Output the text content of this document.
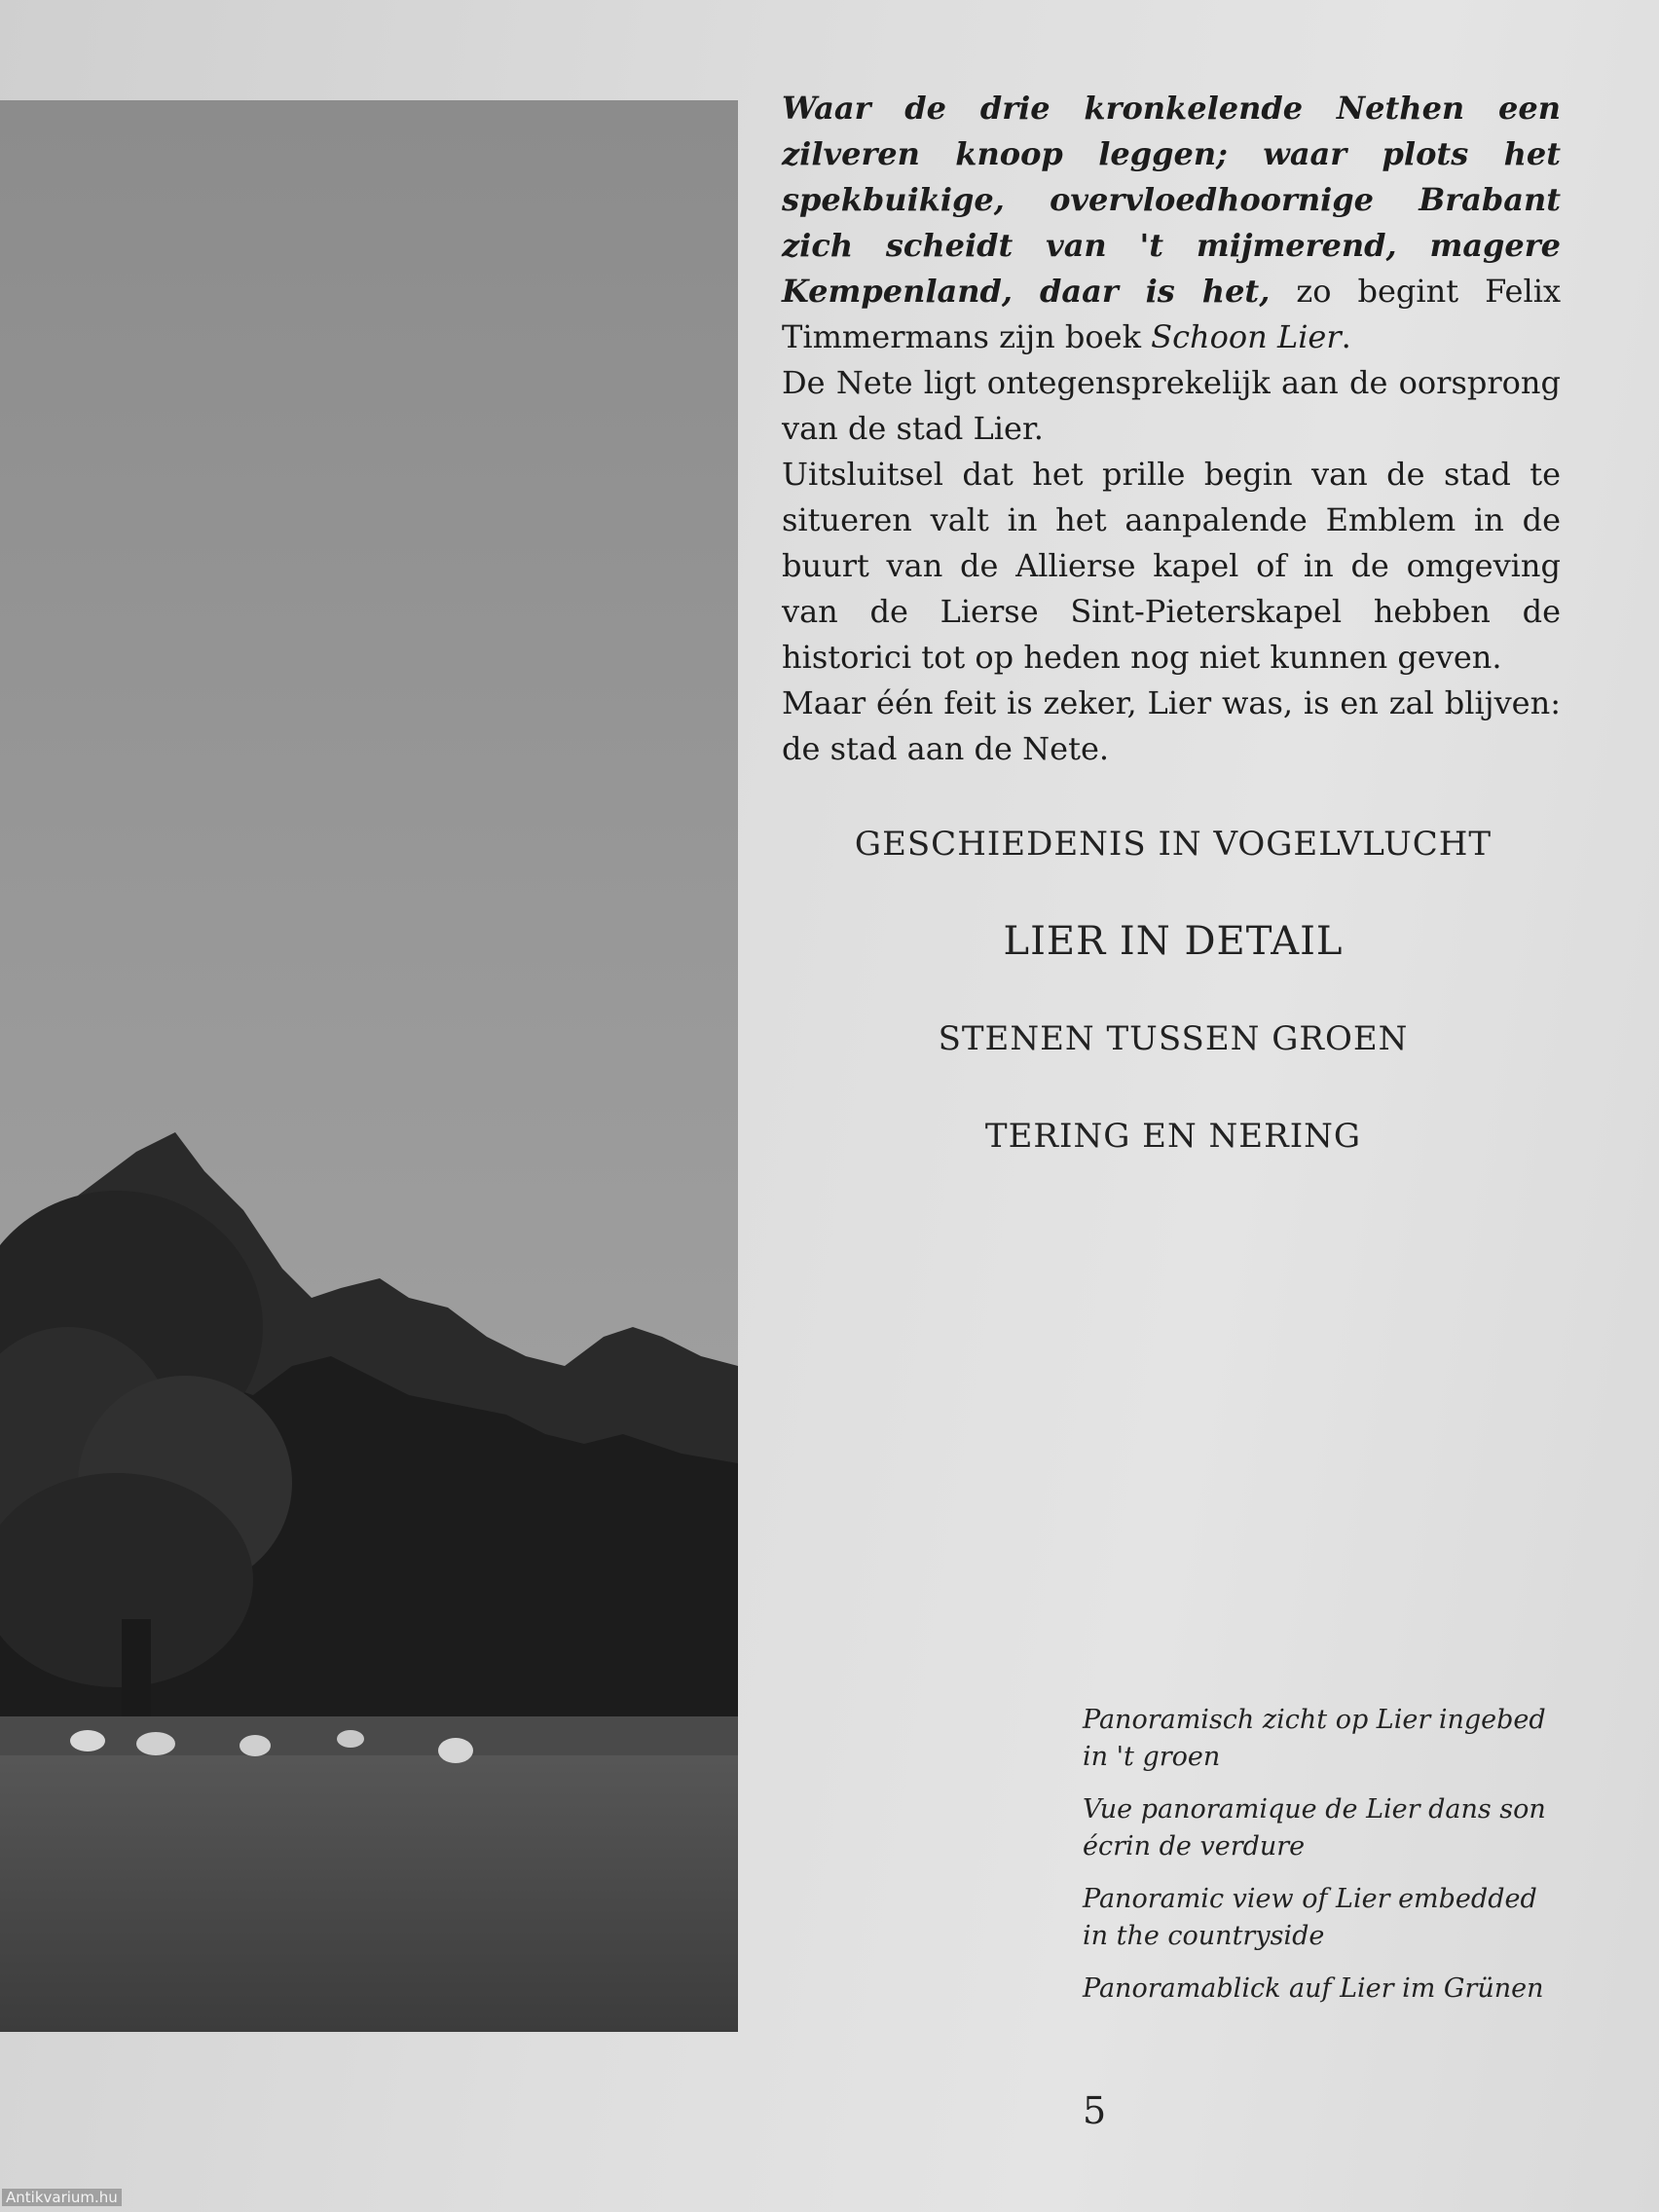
Waar de drie kronkelende Nethen een zilveren knoop leggen; waar plots het spekbuikige, overvloedhoornige Brabant zich scheidt van 't mijmerend, magere Kempenland, daar is het, zo begint Felix Timmermans zijn boek Schoon Lier.

De Nete ligt ontegensprekelijk aan de oorsprong van de stad Lier.

Uitsluitsel dat het prille begin van de stad te situeren valt in het aanpalende Emblem in de buurt van de Allierse kapel of in de omgeving van de Lierse Sint-Pieterskapel hebben de historici tot op heden nog niet kunnen geven.

Maar één feit is zeker, Lier was, is en zal blijven: de stad aan de Nete.

GESCHIEDENIS IN VOGELVLUCHT
LIER IN DETAIL
STENEN TUSSEN GROEN
TERING EN NERING

Panoramisch zicht op Lier ingebed in 't groen

Vue panoramique de Lier dans son écrin de verdure

Panoramic view of Lier embedded in the countryside

Panoramablick auf Lier im Grünen

5
Antikvarium.hu
